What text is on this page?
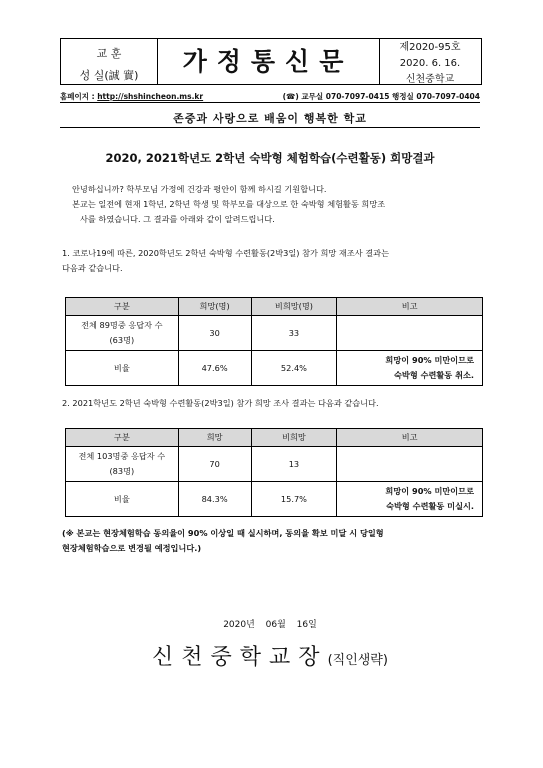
교 훈
성 실(誠 實)	가정통신문	제2020-95호
2020. 6. 16.
신천중학교
홈페이지 : http://shshincheon.ms.kr	(☎) 교무실 070-7097-0415 행정실 070-7097-0404
존중과 사랑으로 배움이 행복한 학교
2020, 2021학년도 2학년 숙박형 체험학습(수련활동) 희망결과
안녕하십니까? 학부모님 가정에 건강과 평안이 함께 하시길 기원합니다.
본교는 일전에 현재 1학년, 2학년 학생 및 학부모를 대상으로 한 숙박형 체험활동 희망조
사를 하였습니다. 그 결과를 아래와 같이 알려드립니다.
1. 코로나19에 따른, 2020학년도 2학년 숙박형 수련활동(2박3일) 참가 희망 재조사 결과는
다음과 같습니다.
구분	희망(명)	비희망(명)	비고

전체 89명중 응답자 수
(63명)	30	33	
비율	47.6%	52.4%	희망이 90% 미만이므로
숙박형 수련활동 취소.
2. 2021학년도 2학년 숙박형 수련활동(2박3일) 참가 희망 조사 결과는 다음과 같습니다.
구분	희망	비희망	비고

전체 103명중 응답자 수
(83명)	70	13	
비율	84.3%	15.7%	희망이 90% 미만이므로
숙박형 수련활동 미실시.
(※ 본교는 현장체험학습 동의율이 90% 이상일 때 실시하며, 동의율 확보 미달 시 당일형
현장체험학습으로 변경될 예정입니다.)
2020년 06월 16일
신천중학교장(직인생략)
